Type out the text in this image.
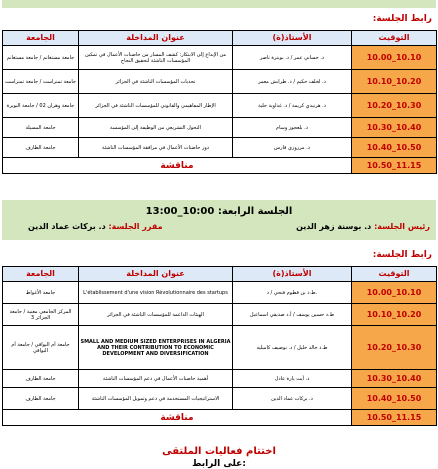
رابط الجلسة:
الجامعة	عنوان المداخلة	الأستاذ(ة)	التوقيت
جامعة مستغانم / جامعة مستغانم	من الإبداع إلى الابتكار: كشف المسار من حاضنات الأعمال في تمكين المؤسسات الناشئة لتحقيق النجاح	د. حساني عمر / د. بوبترة ناصر	10.00_10.10
جامعة تمنراست / جامعة تمنراست	تحديات المؤسسات الناشئة في الجزائر	د. لخلف حكيم / د. طرابش معمر	10.10_10.20
جامعة وهران 02 / جامعة البويرة	الإطار المفاهيمي والقانوني للمؤسسات الناشئة في الجزائر	د. هرنيدي كريمة / د. غداوية جلية	10.20_10.30
جامعة المسيلة	التحول التشريعي من الوظيفة إلى المؤسسة	د. بلعجوز وسام	10.30_10.40
جامعة الطارف	دور حاضنات الأعمال في مرافقة المؤسسات الناشئة	د. مرزوزي فارس	10.40_10.50
مناقشة			10.50_11.15
الجلسة الرابعة: 10:00_13:00
رئيس الجلسة: د. بوسنة زهر الدين
مقرر الجلسة: د. بركات عماد الدين
رابط الجلسة:
الجامعة	عنوان المداخلة	الأستاذ(ة)	التوقيت
جامعة الأغواط	L'établissement d'une vision Révolutionnaire des startups	ط.د بن قطوم فتحي / د.	10.00_10.10
المركز الجامعي مغنية / جامعة الجزائر 3	الهيئات الداعمة للمؤسسات الناشئة في الجزائر	ط.د حسين يوسف / أ.د صديقي اسماعيل	10.10_10.20
جامعة أم البواقي / جامعة أم البواقي	SMALL AND MEDIUM SIZED ENTERPRISES IN ALGERIA AND THEIR CONTRIBUTION TO ECONOMIC DEVELOPMENT AND DIVERSIFICATION	ط.د خالد خليل / د. بوصيف كاميلية	10.20_10.30
جامعة الطارف	أهمية حاضنات الأعمال في دعم المؤسسات الناشئة	د. أيت يارة عادل	10.30_10.40
جامعة الطارف	الاستراتيجيات المستخدمة في دعم وتمويل المؤسسات الناشئة	د. بركات عماد الدين	10.40_10.50
مناقشة			10.50_11.15
اختتام فعاليات الملتقى
على الرابط:
